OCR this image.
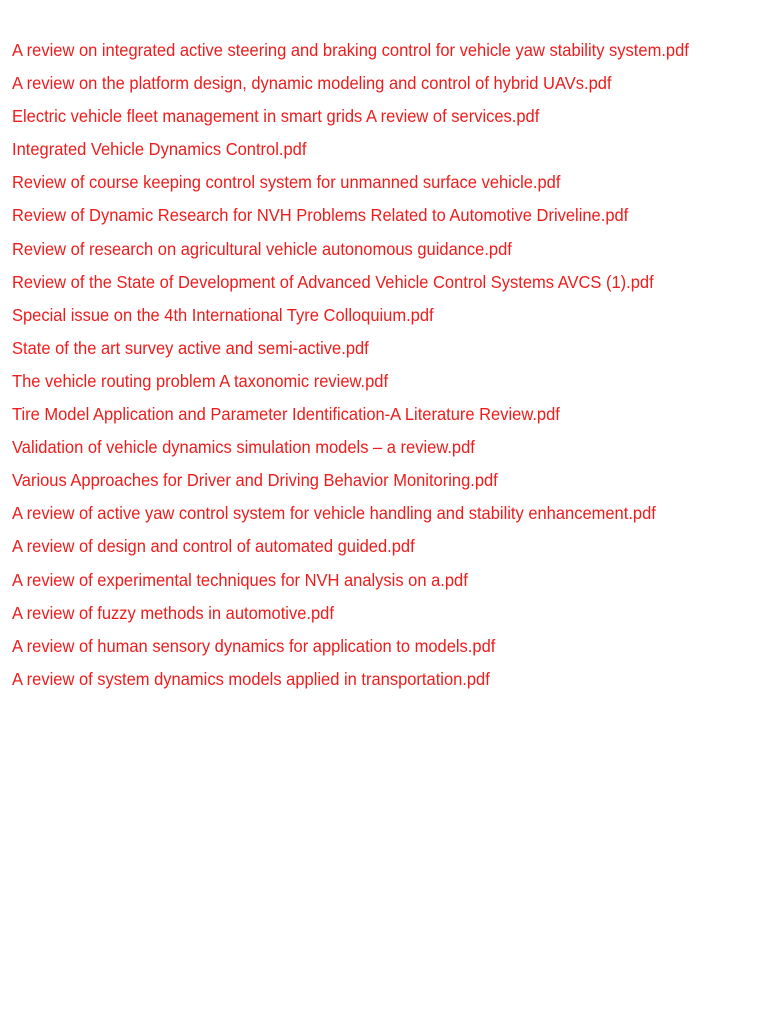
A review on integrated active steering and braking control for vehicle yaw stability system.pdf
A review on the platform design, dynamic modeling and control of hybrid UAVs.pdf
Electric vehicle fleet management in smart grids A review of services.pdf
Integrated Vehicle Dynamics Control.pdf
Review of course keeping control system for unmanned surface vehicle.pdf
Review of Dynamic Research for NVH Problems Related to Automotive Driveline.pdf
Review of research on agricultural vehicle autonomous guidance.pdf
Review of the State of Development of Advanced Vehicle Control Systems AVCS (1).pdf
Special issue on the 4th International Tyre Colloquium.pdf
State of the art survey active and semi-active.pdf
The vehicle routing problem A taxonomic review.pdf
Tire Model Application and Parameter Identification-A Literature Review.pdf
Validation of vehicle dynamics simulation models – a review.pdf
Various Approaches for Driver and Driving Behavior Monitoring.pdf
A review of active yaw control system for vehicle handling and stability enhancement.pdf
A review of design and control of automated guided.pdf
A review of experimental techniques for NVH analysis on a.pdf
A review of fuzzy methods in automotive.pdf
A review of human sensory dynamics for application to models.pdf
A review of system dynamics models applied in transportation.pdf
